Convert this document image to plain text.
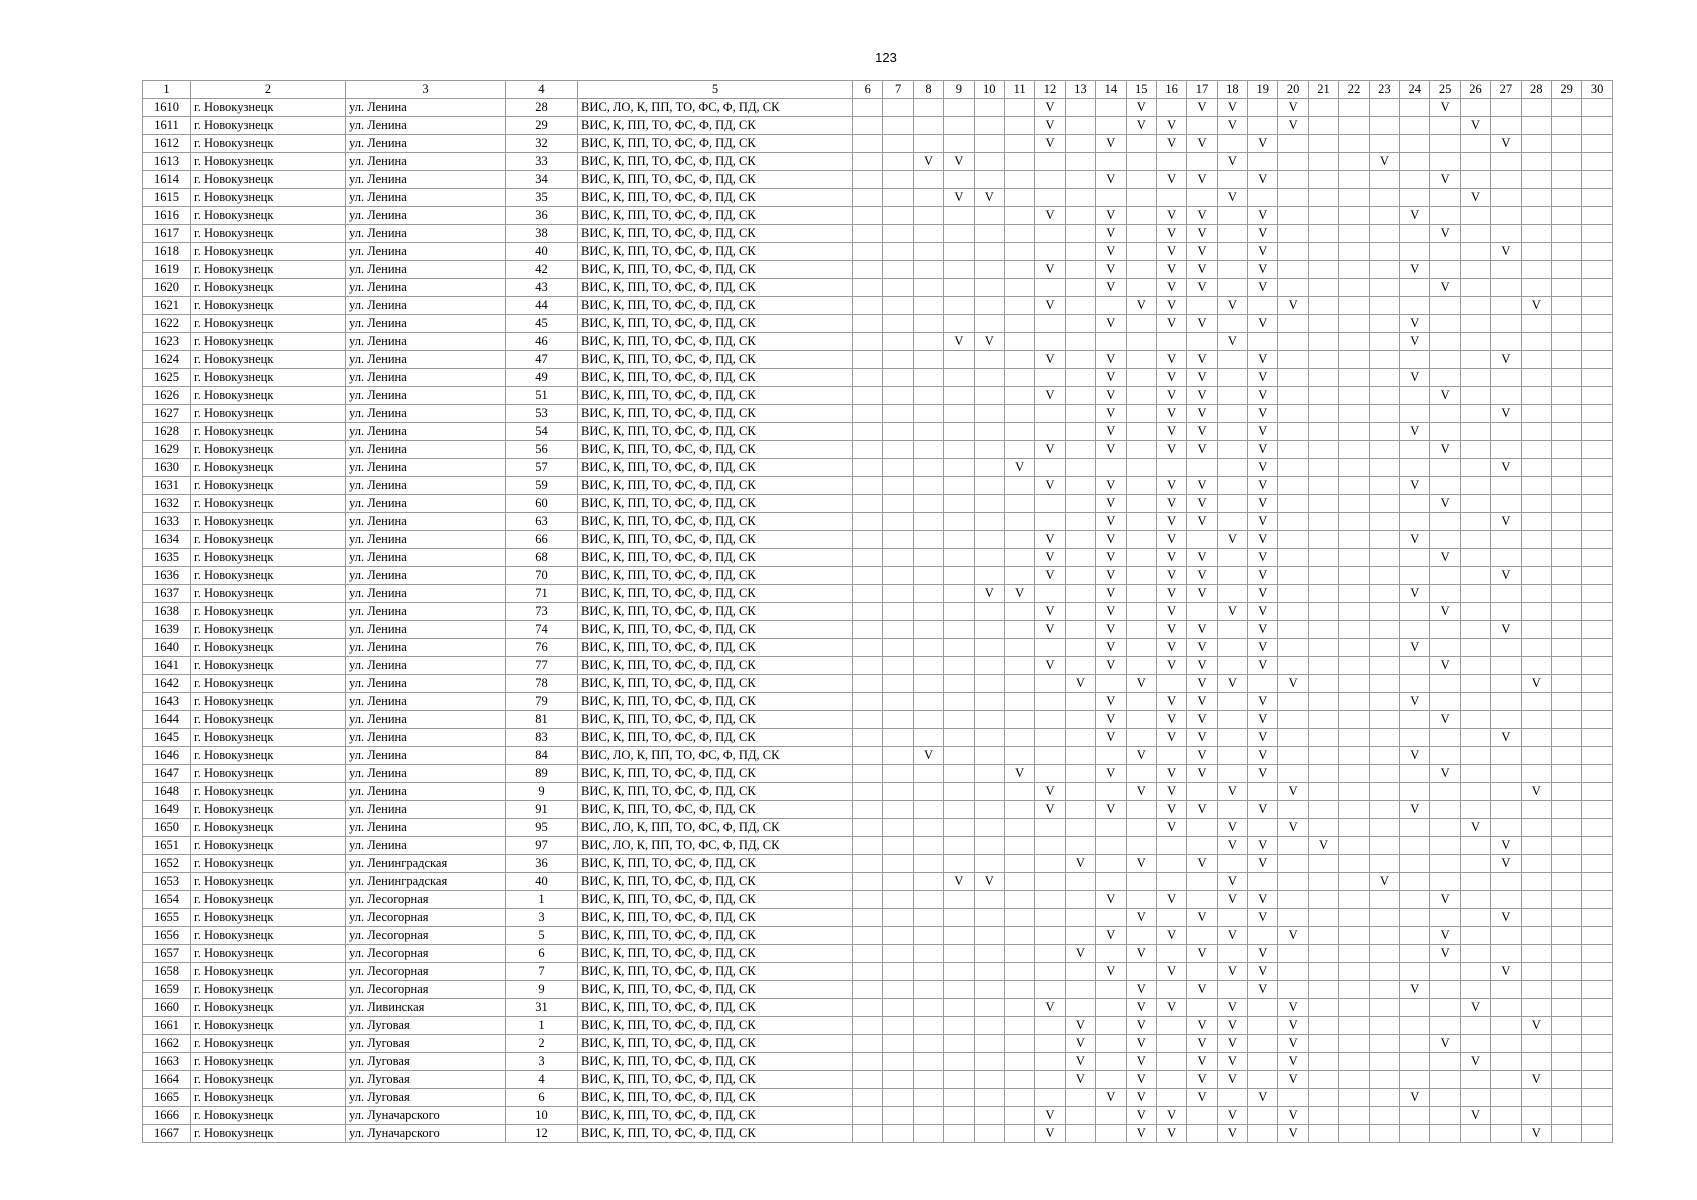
123
1	2	3	4	5	6	7	8	9	10	11	12	13	14	15	16	17	18	19	20	21	22	23	24	25	26	27	28	29	30
1610	г. Новокузнецк	ул. Ленина	28	ВИС, ЛО, К, ПП, ТО, ФС, Ф, ПД, СК							V			V		V	V		V					V					
1611	г. Новокузнецк	ул. Ленина	29	ВИС, К, ПП, ТО, ФС, Ф, ПД, СК							V			V	V		V		V						V				
1612	г. Новокузнецк	ул. Ленина	32	ВИС, К, ПП, ТО, ФС, Ф, ПД, СК							V		V		V	V		V								V			
1613	г. Новокузнецк	ул. Ленина	33	ВИС, К, ПП, ТО, ФС, Ф, ПД, СК			V	V									V					V							
1614	г. Новокузнецк	ул. Ленина	34	ВИС, К, ПП, ТО, ФС, Ф, ПД, СК									V		V	V		V						V					
1615	г. Новокузнецк	ул. Ленина	35	ВИС, К, ПП, ТО, ФС, Ф, ПД, СК				V	V								V								V				
1616	г. Новокузнецк	ул. Ленина	36	ВИС, К, ПП, ТО, ФС, Ф, ПД, СК							V		V		V	V		V					V						
1617	г. Новокузнецк	ул. Ленина	38	ВИС, К, ПП, ТО, ФС, Ф, ПД, СК									V		V	V		V						V					
1618	г. Новокузнецк	ул. Ленина	40	ВИС, К, ПП, ТО, ФС, Ф, ПД, СК									V		V	V		V								V			
1619	г. Новокузнецк	ул. Ленина	42	ВИС, К, ПП, ТО, ФС, Ф, ПД, СК							V		V		V	V		V					V						
1620	г. Новокузнецк	ул. Ленина	43	ВИС, К, ПП, ТО, ФС, Ф, ПД, СК									V		V	V		V						V					
1621	г. Новокузнецк	ул. Ленина	44	ВИС, К, ПП, ТО, ФС, Ф, ПД, СК							V			V	V		V		V								V		
1622	г. Новокузнецк	ул. Ленина	45	ВИС, К, ПП, ТО, ФС, Ф, ПД, СК									V		V	V		V					V						
1623	г. Новокузнецк	ул. Ленина	46	ВИС, К, ПП, ТО, ФС, Ф, ПД, СК				V	V								V						V						
1624	г. Новокузнецк	ул. Ленина	47	ВИС, К, ПП, ТО, ФС, Ф, ПД, СК							V		V		V	V		V								V			
1625	г. Новокузнецк	ул. Ленина	49	ВИС, К, ПП, ТО, ФС, Ф, ПД, СК									V		V	V		V					V						
1626	г. Новокузнецк	ул. Ленина	51	ВИС, К, ПП, ТО, ФС, Ф, ПД, СК							V		V		V	V		V						V					
1627	г. Новокузнецк	ул. Ленина	53	ВИС, К, ПП, ТО, ФС, Ф, ПД, СК									V		V	V		V								V			
1628	г. Новокузнецк	ул. Ленина	54	ВИС, К, ПП, ТО, ФС, Ф, ПД, СК									V		V	V		V					V						
1629	г. Новокузнецк	ул. Ленина	56	ВИС, К, ПП, ТО, ФС, Ф, ПД, СК							V		V		V	V		V						V					
1630	г. Новокузнецк	ул. Ленина	57	ВИС, К, ПП, ТО, ФС, Ф, ПД, СК						V								V								V			
1631	г. Новокузнецк	ул. Ленина	59	ВИС, К, ПП, ТО, ФС, Ф, ПД, СК							V		V		V	V		V					V						
1632	г. Новокузнецк	ул. Ленина	60	ВИС, К, ПП, ТО, ФС, Ф, ПД, СК									V		V	V		V						V					
1633	г. Новокузнецк	ул. Ленина	63	ВИС, К, ПП, ТО, ФС, Ф, ПД, СК									V		V	V		V								V			
1634	г. Новокузнецк	ул. Ленина	66	ВИС, К, ПП, ТО, ФС, Ф, ПД, СК							V		V		V		V	V					V						
1635	г. Новокузнецк	ул. Ленина	68	ВИС, К, ПП, ТО, ФС, Ф, ПД, СК							V		V		V	V		V						V					
1636	г. Новокузнецк	ул. Ленина	70	ВИС, К, ПП, ТО, ФС, Ф, ПД, СК							V		V		V	V		V								V			
1637	г. Новокузнецк	ул. Ленина	71	ВИС, К, ПП, ТО, ФС, Ф, ПД, СК					V	V			V		V	V		V					V						
1638	г. Новокузнецк	ул. Ленина	73	ВИС, К, ПП, ТО, ФС, Ф, ПД, СК							V		V		V		V	V						V					
1639	г. Новокузнецк	ул. Ленина	74	ВИС, К, ПП, ТО, ФС, Ф, ПД, СК							V		V		V	V		V								V			
1640	г. Новокузнецк	ул. Ленина	76	ВИС, К, ПП, ТО, ФС, Ф, ПД, СК									V		V	V		V					V						
1641	г. Новокузнецк	ул. Ленина	77	ВИС, К, ПП, ТО, ФС, Ф, ПД, СК							V		V		V	V		V						V					
1642	г. Новокузнецк	ул. Ленина	78	ВИС, К, ПП, ТО, ФС, Ф, ПД, СК								V		V		V	V		V								V		
1643	г. Новокузнецк	ул. Ленина	79	ВИС, К, ПП, ТО, ФС, Ф, ПД, СК									V		V	V		V					V						
1644	г. Новокузнецк	ул. Ленина	81	ВИС, К, ПП, ТО, ФС, Ф, ПД, СК									V		V	V		V						V					
1645	г. Новокузнецк	ул. Ленина	83	ВИС, К, ПП, ТО, ФС, Ф, ПД, СК									V		V	V		V								V			
1646	г. Новокузнецк	ул. Ленина	84	ВИС, ЛО, К, ПП, ТО, ФС, Ф, ПД, СК			V							V		V		V					V						
1647	г. Новокузнецк	ул. Ленина	89	ВИС, К, ПП, ТО, ФС, Ф, ПД, СК						V			V		V	V		V						V					
1648	г. Новокузнецк	ул. Ленина	9	ВИС, К, ПП, ТО, ФС, Ф, ПД, СК							V			V	V		V		V								V		
1649	г. Новокузнецк	ул. Ленина	91	ВИС, К, ПП, ТО, ФС, Ф, ПД, СК							V		V		V	V		V					V						
1650	г. Новокузнецк	ул. Ленина	95	ВИС, ЛО, К, ПП, ТО, ФС, Ф, ПД, СК											V		V		V						V				
1651	г. Новокузнецк	ул. Ленина	97	ВИС, ЛО, К, ПП, ТО, ФС, Ф, ПД, СК													V	V		V						V			
1652	г. Новокузнецк	ул. Ленинградская	36	ВИС, К, ПП, ТО, ФС, Ф, ПД, СК								V		V		V		V								V			
1653	г. Новокузнецк	ул. Ленинградская	40	ВИС, К, ПП, ТО, ФС, Ф, ПД, СК				V	V								V					V							
1654	г. Новокузнецк	ул. Лесогорная	1	ВИС, К, ПП, ТО, ФС, Ф, ПД, СК									V		V		V	V						V					
1655	г. Новокузнецк	ул. Лесогорная	3	ВИС, К, ПП, ТО, ФС, Ф, ПД, СК										V		V		V								V			
1656	г. Новокузнецк	ул. Лесогорная	5	ВИС, К, ПП, ТО, ФС, Ф, ПД, СК									V		V		V		V					V					
1657	г. Новокузнецк	ул. Лесогорная	6	ВИС, К, ПП, ТО, ФС, Ф, ПД, СК								V		V		V		V						V					
1658	г. Новокузнецк	ул. Лесогорная	7	ВИС, К, ПП, ТО, ФС, Ф, ПД, СК									V		V		V	V								V			
1659	г. Новокузнецк	ул. Лесогорная	9	ВИС, К, ПП, ТО, ФС, Ф, ПД, СК										V		V		V					V						
1660	г. Новокузнецк	ул. Ливинская	31	ВИС, К, ПП, ТО, ФС, Ф, ПД, СК							V			V	V		V		V						V				
1661	г. Новокузнецк	ул. Луговая	1	ВИС, К, ПП, ТО, ФС, Ф, ПД, СК								V		V		V	V		V								V		
1662	г. Новокузнецк	ул. Луговая	2	ВИС, К, ПП, ТО, ФС, Ф, ПД, СК								V		V		V	V		V					V					
1663	г. Новокузнецк	ул. Луговая	3	ВИС, К, ПП, ТО, ФС, Ф, ПД, СК								V		V		V	V		V						V				
1664	г. Новокузнецк	ул. Луговая	4	ВИС, К, ПП, ТО, ФС, Ф, ПД, СК								V		V		V	V		V								V		
1665	г. Новокузнецк	ул. Луговая	6	ВИС, К, ПП, ТО, ФС, Ф, ПД, СК									V	V		V		V					V						
1666	г. Новокузнецк	ул. Луначарского	10	ВИС, К, ПП, ТО, ФС, Ф, ПД, СК							V			V	V		V		V						V				
1667	г. Новокузнецк	ул. Луначарского	12	ВИС, К, ПП, ТО, ФС, Ф, ПД, СК							V			V	V		V		V								V		
